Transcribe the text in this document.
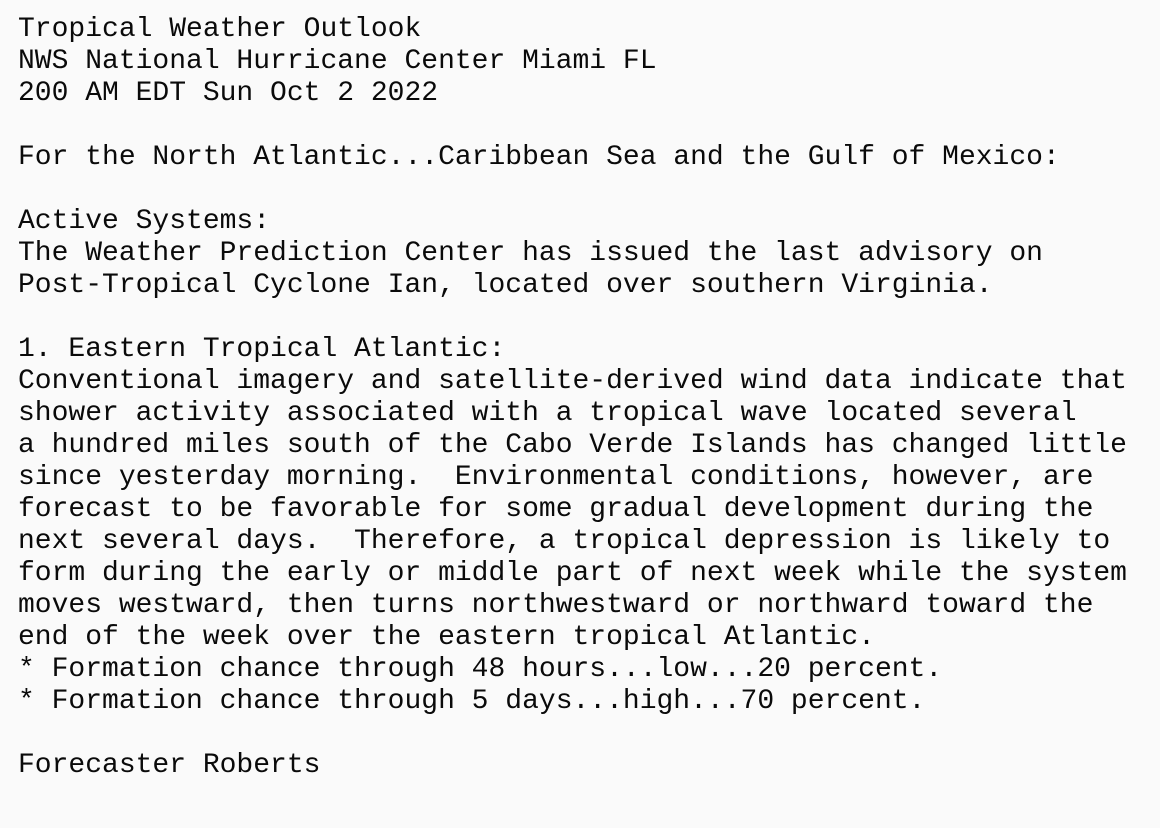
Tropical Weather Outlook
NWS National Hurricane Center Miami FL
200 AM EDT Sun Oct 2 2022
For the North Atlantic...Caribbean Sea and the Gulf of Mexico:
Active Systems:
The Weather Prediction Center has issued the last advisory on
Post-Tropical Cyclone Ian, located over southern Virginia.
1. Eastern Tropical Atlantic:
Conventional imagery and satellite-derived wind data indicate that
shower activity associated with a tropical wave located several
a hundred miles south of the Cabo Verde Islands has changed little
since yesterday morning.  Environmental conditions, however, are
forecast to be favorable for some gradual development during the
next several days.  Therefore, a tropical depression is likely to
form during the early or middle part of next week while the system
moves westward, then turns northwestward or northward toward the
end of the week over the eastern tropical Atlantic.
* Formation chance through 48 hours...low...20 percent.
* Formation chance through 5 days...high...70 percent.
Forecaster Roberts
